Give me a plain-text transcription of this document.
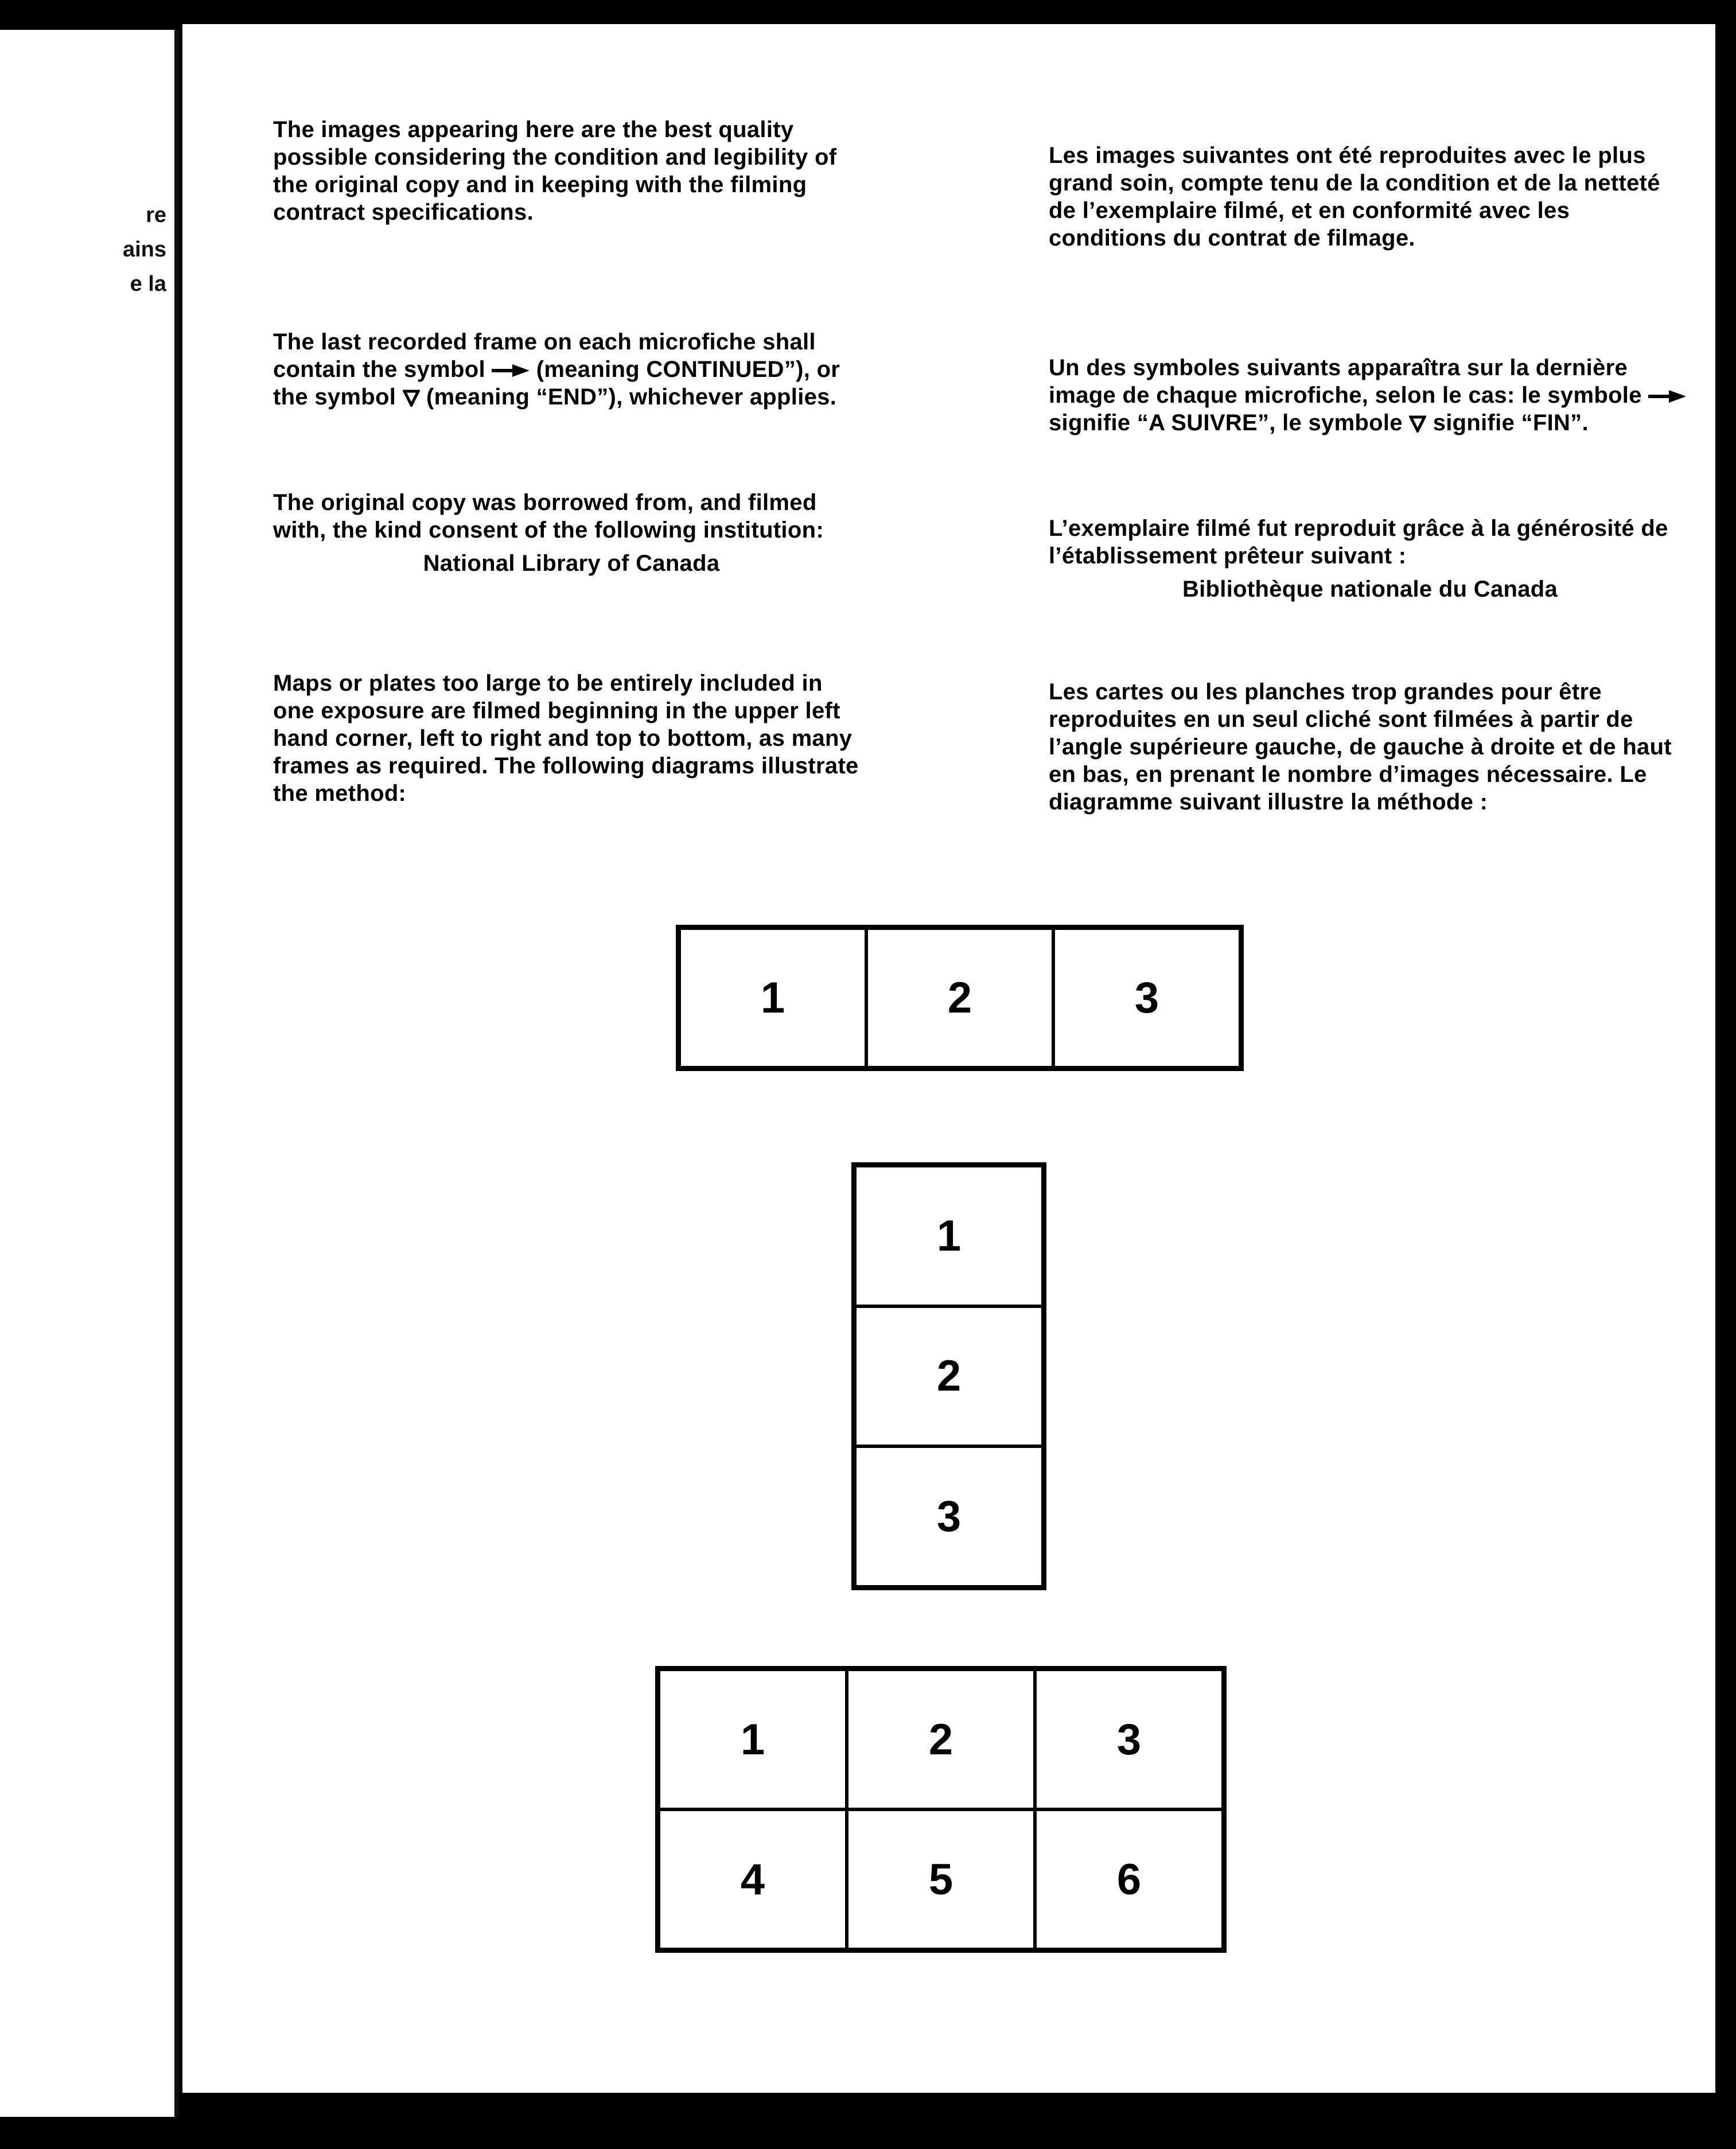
re
ains
e la

The images appearing here are the best quality possible considering the condition and legibility of the original copy and in keeping with the filming contract specifications.

The last recorded frame on each microfiche shall contain the symbol (meaning CONTINUED”), or the symbol (meaning “END”), whichever applies.

The original copy was borrowed from, and filmed with, the kind consent of the following institution:

National Library of Canada

Maps or plates too large to be entirely included in one exposure are filmed beginning in the upper left hand corner, left to right and top to bottom, as many frames as required. The following diagrams illustrate the method:

Les images suivantes ont été reproduites avec le plus grand soin, compte tenu de la condition et de la netteté de l’exemplaire filmé, et en conformité avec les conditions du contrat de filmage.

Un des symboles suivants apparaîtra sur la dernière image de chaque microfiche, selon le cas: le symbole  signifie “A SUIVRE”, le symbole signifie “FIN”.

L’exemplaire filmé fut reproduit grâce à la générosité de l’établissement prêteur suivant :

Bibliothèque nationale du Canada

Les cartes ou les planches trop grandes pour être reproduites en un seul cliché sont filmées à partir de l’angle supérieure gauche, de gauche à droite et de haut en bas, en prenant le nombre d’images nécessaire. Le diagramme suivant illustre la méthode :

1	2	3
1
2
3
1	2	3
4	5	6
